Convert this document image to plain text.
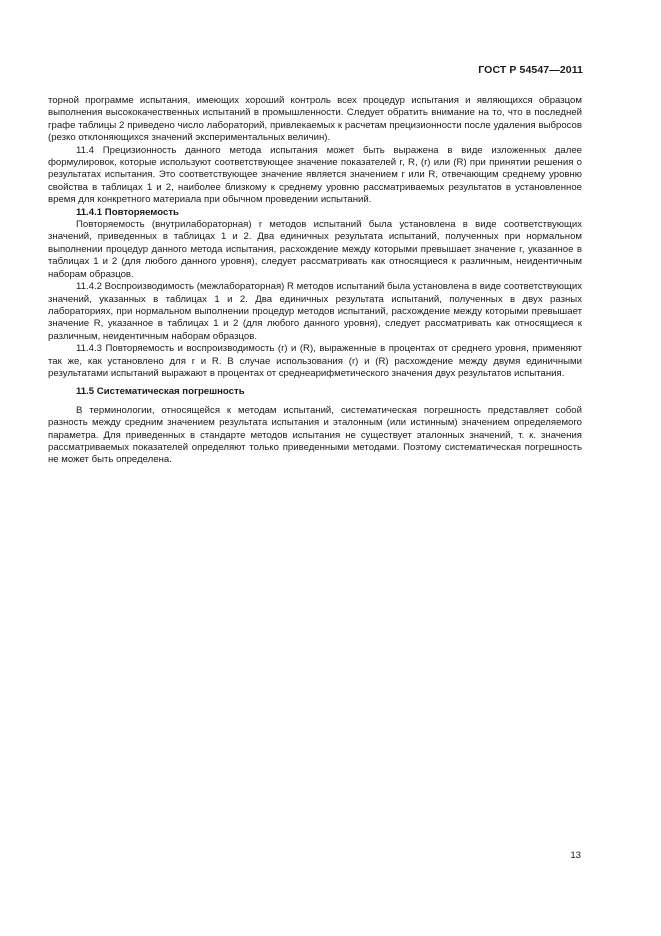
ГОСТ Р 54547—2011

торной программе испытания, имеющих хороший контроль всех процедур испытания и являющихся образцом выполнения высококачественных испытаний в промышленности. Следует обратить внимание на то, что в последней графе таблицы 2 приведено число лабораторий, привлекаемых к расчетам прецизионности после удаления выбросов (резко отклоняющихся значений экспериментальных величин).

11.4 Прецизионность данного метода испытания может быть выражена в виде изложенных далее формулировок, которые используют соответствующее значение показателей r, R, (r) или (R) при принятии решения о результатах испытания. Это соответствующее значение является значением r или R, отвечающим среднему уровню свойства в таблицах 1 и 2, наиболее близкому к среднему уровню рассматриваемых результатов в установленное время для конкретного материала при обычном проведении испытаний.

11.4.1 Повторяемость

Повторяемость (внутрилабораторная) r методов испытаний была установлена в виде соответствующих значений, приведенных в таблицах 1 и 2. Два единичных результата испытаний, полученных при нормальном выполнении процедур данного метода испытания, расхождение между которыми превышает значение r, указанное в таблицах 1 и 2 (для любого данного уровня), следует рассматривать как относящиеся к различным, неидентичным наборам образцов.

11.4.2 Воспроизводимость (межлабораторная) R методов испытаний была установлена в виде соответствующих значений, указанных в таблицах 1 и 2. Два единичных результата испытаний, полученных в двух разных лабораториях, при нормальном выполнении процедур методов испытаний, расхождение между которыми превышает значение R, указанное в таблицах 1 и 2 (для любого данного уровня), следует рассматривать как относящиеся к различным, неидентичным наборам образцов.

11.4.3 Повторяемость и воспроизводимость (r) и (R), выраженные в процентах от среднего уровня, применяют так же, как установлено для r и R. В случае использования (r) и (R) расхождение между двумя единичными результатами испытаний выражают в процентах от среднеарифметического значения двух результатов испытания.

11.5 Систематическая погрешность

В терминологии, относящейся к методам испытаний, систематическая погрешность представляет собой разность между средним значением результата испытания и эталонным (или истинным) значением определяемого параметра. Для приведенных в стандарте методов испытания не существует эталонных значений, т. к. значения рассматриваемых показателей определяют только приведенными методами. Поэтому систематическая погрешность не может быть определена.

13
